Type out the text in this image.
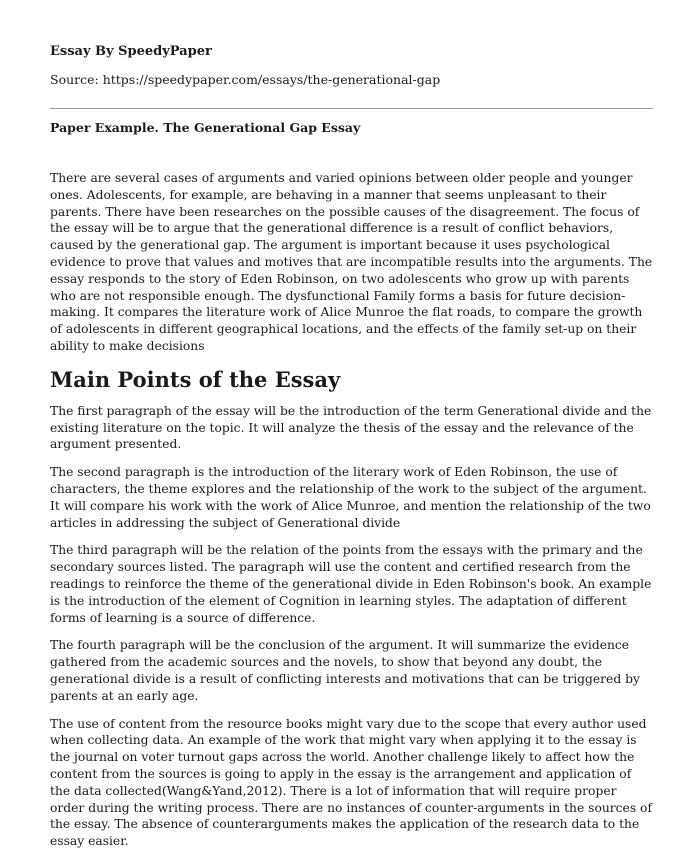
Essay By SpeedyPaper

Source: https://speedypaper.com/essays/the-generational-gap

Paper Example. The Generational Gap Essay

There are several cases of arguments and varied opinions between older people and younger ones. Adolescents, for example, are behaving in a manner that seems unpleasant to their parents. There have been researches on the possible causes of the disagreement. The focus of the essay will be to argue that the generational difference is a result of conflict behaviors, caused by the generational gap. The argument is important because it uses psychological evidence to prove that values and motives that are incompatible results into the arguments. The essay responds to the story of Eden Robinson, on two adolescents who grow up with parents who are not responsible enough. The dysfunctional Family forms a basis for future decision-making. It compares the literature work of Alice Munroe the flat roads, to compare the growth of adolescents in different geographical locations, and the effects of the family set-up on their ability to make decisions

Main Points of the Essay

The first paragraph of the essay will be the introduction of the term Generational divide and the existing literature on the topic. It will analyze the thesis of the essay and the relevance of the argument presented.

The second paragraph is the introduction of the literary work of Eden Robinson, the use of characters, the theme explores and the relationship of the work to the subject of the argument. It will compare his work with the work of Alice Munroe, and mention the relationship of the two articles in addressing the subject of Generational divide

The third paragraph will be the relation of the points from the essays with the primary and the secondary sources listed. The paragraph will use the content and certified research from the readings to reinforce the theme of the generational divide in Eden Robinson's book. An example is the introduction of the element of Cognition in learning styles. The adaptation of different forms of learning is a source of difference.

The fourth paragraph will be the conclusion of the argument. It will summarize the evidence gathered from the academic sources and the novels, to show that beyond any doubt, the generational divide is a result of conflicting interests and motivations that can be triggered by parents at an early age.

The use of content from the resource books might vary due to the scope that every author used when collecting data. An example of the work that might vary when applying it to the essay is the journal on voter turnout gaps across the world. Another challenge likely to affect how the content from the sources is going to apply in the essay is the arrangement and application of the data collected(Wang&Yand,2012). There is a lot of information that will require proper order during the writing process. There are no instances of counter-arguments in the sources of the essay. The absence of counterarguments makes the application of the research data to the essay easier.
